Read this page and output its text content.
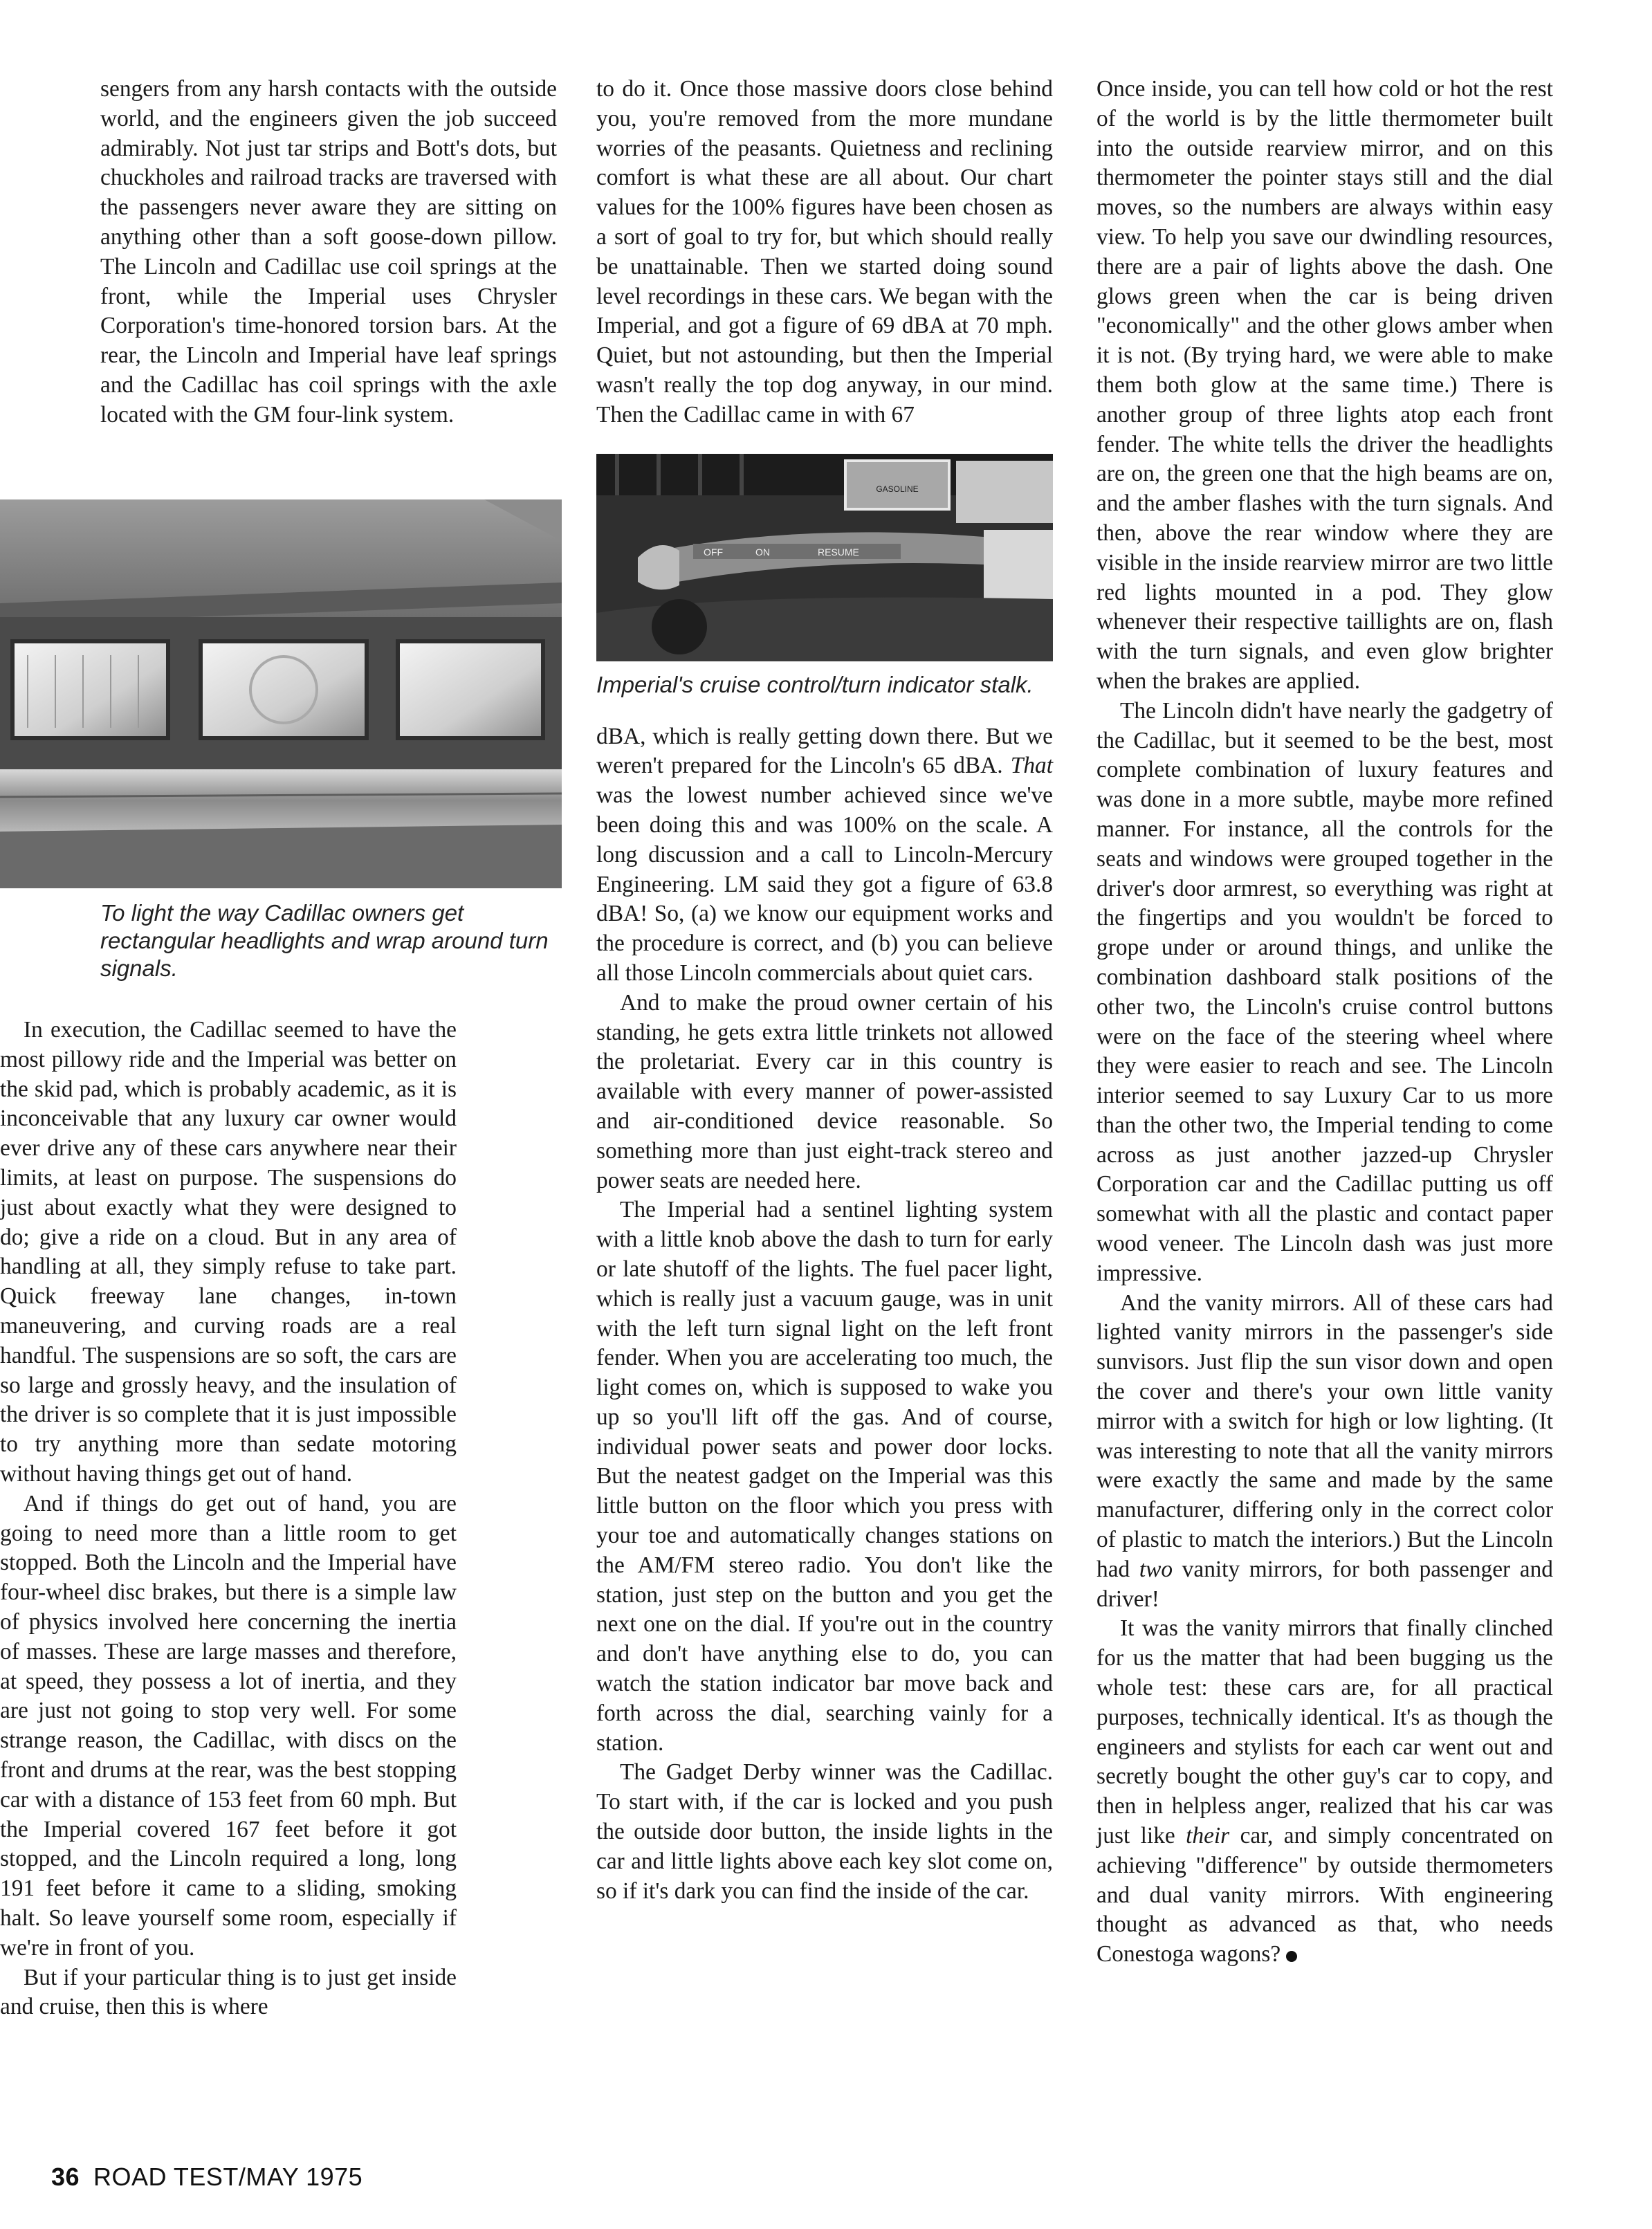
sengers from any harsh contacts with the outside world, and the engineers given the job succeed admirably. Not just tar strips and Bott's dots, but chuckholes and railroad tracks are traversed with the passengers never aware they are sitting on anything other than a soft goose-down pillow. The Lincoln and Cadillac use coil springs at the front, while the Imperial uses Chrysler Corporation's time-honored torsion bars. At the rear, the Lincoln and Imperial have leaf springs and the Cadillac has coil springs with the axle located with the GM four-link system.

To light the way Cadillac owners get rectangular headlights and wrap around turn signals.

In execution, the Cadillac seemed to have the most pillowy ride and the Imperial was better on the skid pad, which is probably academic, as it is inconceivable that any luxury car owner would ever drive any of these cars anywhere near their limits, at least on purpose. The suspensions do just about exactly what they were designed to do; give a ride on a cloud. But in any area of handling at all, they simply refuse to take part. Quick freeway lane changes, in-town maneuvering, and curving roads are a real handful. The suspensions are so soft, the cars are so large and grossly heavy, and the insulation of the driver is so complete that it is just impossible to try anything more than sedate motoring without having things get out of hand.

And if things do get out of hand, you are going to need more than a little room to get stopped. Both the Lincoln and the Imperial have four-wheel disc brakes, but there is a simple law of physics involved here concerning the inertia of masses. These are large masses and therefore, at speed, they possess a lot of inertia, and they are just not going to stop very well. For some strange reason, the Cadillac, with discs on the front and drums at the rear, was the best stopping car with a distance of 153 feet from 60 mph. But the Imperial covered 167 feet before it got stopped, and the Lincoln required a long, long 191 feet before it came to a sliding, smoking halt. So leave yourself some room, especially if we're in front of you.

But if your particular thing is to just get inside and cruise, then this is where

to do it. Once those massive doors close behind you, you're removed from the more mundane worries of the peasants. Quietness and reclining comfort is what these are all about. Our chart values for the 100% figures have been chosen as a sort of goal to try for, but which should really be unattainable. Then we started doing sound level recordings in these cars. We began with the Imperial, and got a figure of 69 dBA at 70 mph. Quiet, but not astounding, but then the Imperial wasn't really the top dog anyway, in our mind. Then the Cadillac came in with 67

GASOLINE
OFF	ON	RESUME
Imperial's cruise control/turn indicator stalk.

dBA, which is really getting down there. But we weren't prepared for the Lincoln's 65 dBA. That was the lowest number achieved since we've been doing this and was 100% on the scale. A long discussion and a call to Lincoln-Mercury Engineering. LM said they got a figure of 63.8 dBA! So, (a) we know our equipment works and the procedure is correct, and (b) you can believe all those Lincoln commercials about quiet cars.

And to make the proud owner certain of his standing, he gets extra little trinkets not allowed the proletariat. Every car in this country is available with every manner of power-assisted and air-conditioned device reasonable. So something more than just eight-track stereo and power seats are needed here.

The Imperial had a sentinel lighting system with a little knob above the dash to turn for early or late shutoff of the lights. The fuel pacer light, which is really just a vacuum gauge, was in unit with the left turn signal light on the left front fender. When you are accelerating too much, the light comes on, which is supposed to wake you up so you'll lift off the gas. And of course, individual power seats and power door locks. But the neatest gadget on the Imperial was this little button on the floor which you press with your toe and automatically changes stations on the AM/FM stereo radio. You don't like the station, just step on the button and you get the next one on the dial. If you're out in the country and don't have anything else to do, you can watch the station indicator bar move back and forth across the dial, searching vainly for a station.

The Gadget Derby winner was the Cadillac. To start with, if the car is locked and you push the outside door button, the inside lights in the car and little lights above each key slot come on, so if it's dark you can find the inside of the car.

Once inside, you can tell how cold or hot the rest of the world is by the little thermometer built into the outside rearview mirror, and on this thermometer the pointer stays still and the dial moves, so the numbers are always within easy view. To help you save our dwindling resources, there are a pair of lights above the dash. One glows green when the car is being driven "economically" and the other glows amber when it is not. (By trying hard, we were able to make them both glow at the same time.) There is another group of three lights atop each front fender. The white tells the driver the headlights are on, the green one that the high beams are on, and the amber flashes with the turn signals. And then, above the rear window where they are visible in the inside rearview mirror are two little red lights mounted in a pod. They glow whenever their respective taillights are on, flash with the turn signals, and even glow brighter when the brakes are applied.

The Lincoln didn't have nearly the gadgetry of the Cadillac, but it seemed to be the best, most complete combination of luxury features and was done in a more subtle, maybe more refined manner. For instance, all the controls for the seats and windows were grouped together in the driver's door armrest, so everything was right at the fingertips and you wouldn't be forced to grope under or around things, and unlike the combination dashboard stalk positions of the other two, the Lincoln's cruise control buttons were on the face of the steering wheel where they were easier to reach and see. The Lincoln interior seemed to say Luxury Car to us more than the other two, the Imperial tending to come across as just another jazzed-up Chrysler Corporation car and the Cadillac putting us off somewhat with all the plastic and contact paper wood veneer. The Lincoln dash was just more impressive.

And the vanity mirrors. All of these cars had lighted vanity mirrors in the passenger's side sunvisors. Just flip the sun visor down and open the cover and there's your own little vanity mirror with a switch for high or low lighting. (It was interesting to note that all the vanity mirrors were exactly the same and made by the same manufacturer, differing only in the correct color of plastic to match the interiors.) But the Lincoln had two vanity mirrors, for both passenger and driver!

It was the vanity mirrors that finally clinched for us the matter that had been bugging us the whole test: these cars are, for all practical purposes, technically identical. It's as though the engineers and stylists for each car went out and secretly bought the other guy's car to copy, and then in helpless anger, realized that his car was just like their car, and simply concentrated on achieving "difference" by outside thermometers and dual vanity mirrors. With engineering thought as advanced as that, who needs Conestoga wagons?

36 ROAD TEST/MAY 1975
